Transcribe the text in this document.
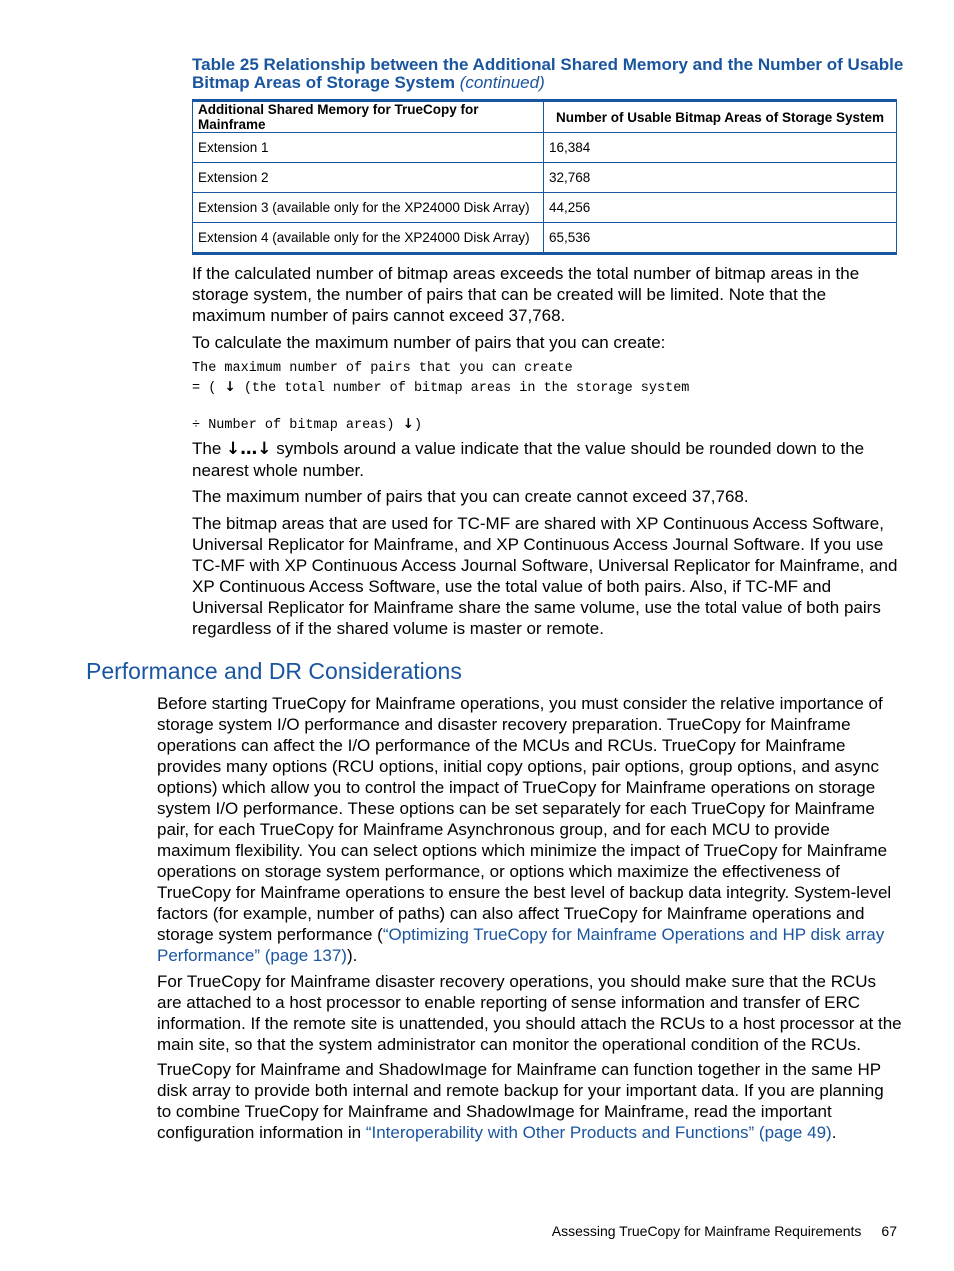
Table 25 Relationship between the Additional Shared Memory and the Number of Usable Bitmap Areas of Storage System (continued)
Additional Shared Memory for TrueCopy for Mainframe	Number of Usable Bitmap Areas of Storage System
Extension 1	16,384
Extension 2	32,768
Extension 3 (available only for the XP24000 Disk Array)	44,256
Extension 4 (available only for the XP24000 Disk Array)	65,536

If the calculated number of bitmap areas exceeds the total number of bitmap areas in the storage system, the number of pairs that can be created will be limited. Note that the maximum number of pairs cannot exceed 37,768.

To calculate the maximum number of pairs that you can create:

The maximum number of pairs that you can create
= ( ↓ (the total number of bitmap areas in the storage system
÷ Number of bitmap areas) ↓)

The ↓…↓ symbols around a value indicate that the value should be rounded down to the nearest whole number.

The maximum number of pairs that you can create cannot exceed 37,768.

The bitmap areas that are used for TC-MF are shared with XP Continuous Access Software, Universal Replicator for Mainframe, and XP Continuous Access Journal Software. If you use TC-MF with XP Continuous Access Journal Software, Universal Replicator for Mainframe, and XP Continuous Access Software, use the total value of both pairs. Also, if TC-MF and Universal Replicator for Mainframe share the same volume, use the total value of both pairs regardless of if the shared volume is master or remote.

Performance and DR Considerations

Before starting TrueCopy for Mainframe operations, you must consider the relative importance of storage system I/O performance and disaster recovery preparation. TrueCopy for Mainframe operations can affect the I/O performance of the MCUs and RCUs. TrueCopy for Mainframe provides many options (RCU options, initial copy options, pair options, group options, and async options) which allow you to control the impact of TrueCopy for Mainframe operations on storage system I/O performance. These options can be set separately for each TrueCopy for Mainframe pair, for each TrueCopy for Mainframe Asynchronous group, and for each MCU to provide maximum flexibility. You can select options which minimize the impact of TrueCopy for Mainframe operations on storage system performance, or options which maximize the effectiveness of TrueCopy for Mainframe operations to ensure the best level of backup data integrity. System-level factors (for example, number of paths) can also affect TrueCopy for Mainframe operations and storage system performance (“Optimizing TrueCopy for Mainframe Operations and HP disk array Performance” (page 137)).

For TrueCopy for Mainframe disaster recovery operations, you should make sure that the RCUs are attached to a host processor to enable reporting of sense information and transfer of ERC information. If the remote site is unattended, you should attach the RCUs to a host processor at the main site, so that the system administrator can monitor the operational condition of the RCUs.

TrueCopy for Mainframe and ShadowImage for Mainframe can function together in the same HP disk array to provide both internal and remote backup for your important data. If you are planning to combine TrueCopy for Mainframe and ShadowImage for Mainframe, read the important configuration information in “Interoperability with Other Products and Functions” (page 49).

Assessing TrueCopy for Mainframe Requirements 67
